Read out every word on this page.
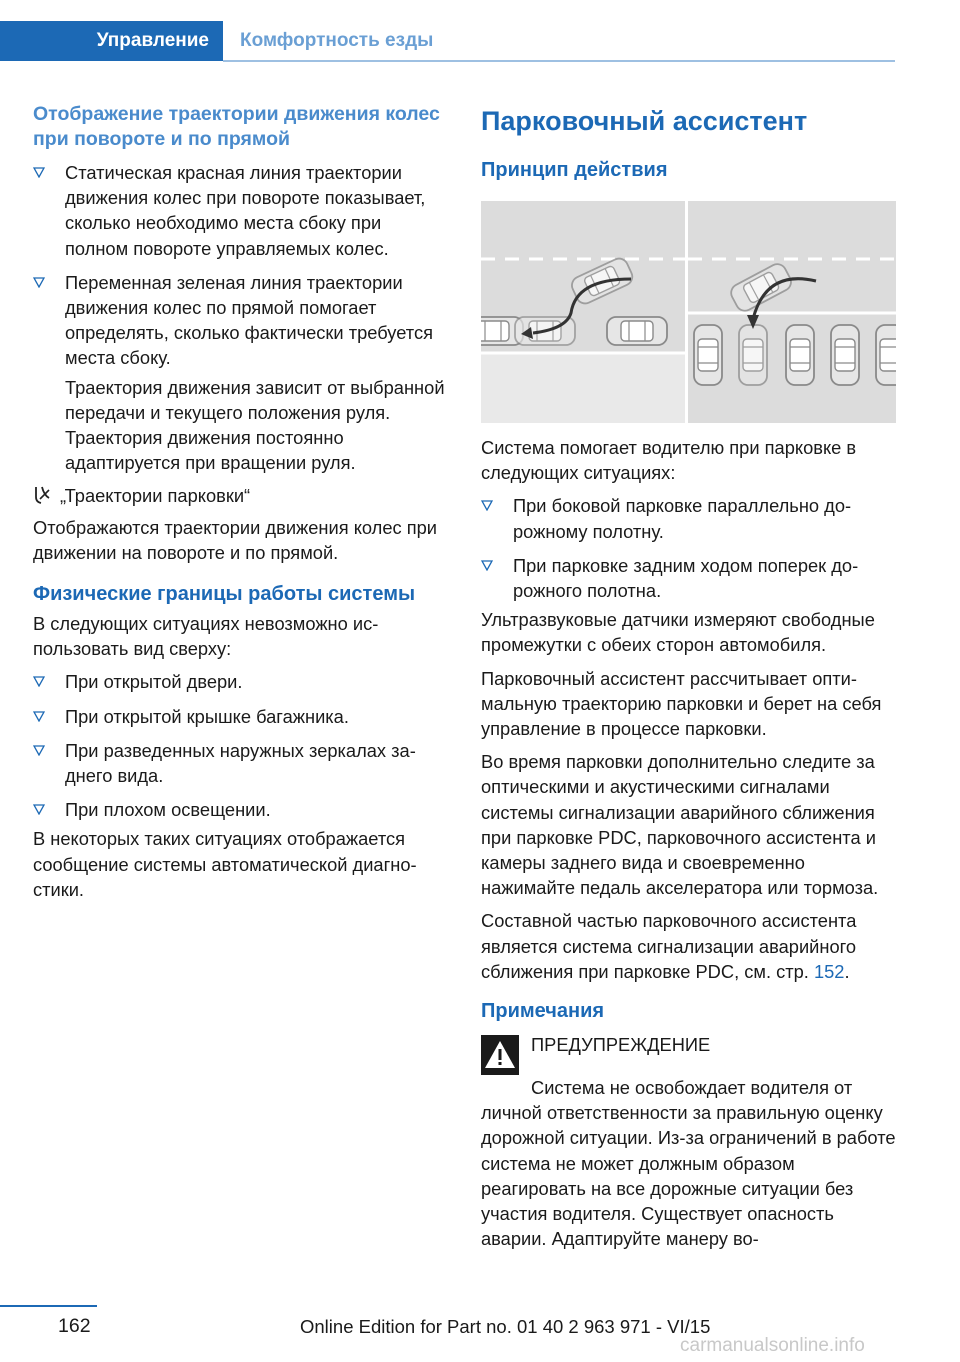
Управление	Комфортность езды
Отображение траектории движения колес при повороте и по прямой
Статическая красная линия траектории движения колес при повороте показывает, сколько необходимо места сбоку при полном повороте управляемых колес.
Переменная зеленая линия траектории движения колес по прямой помогает определять, сколько фактически требуется места сбоку.

Траектория движения зависит от выбранной передачи и текущего положения руля. Траектория движения постоянно адаптируется при вращении руля.

„Траектории парковки“

Отображаются траектории движения колес при движении на повороте и по прямой.

Физические границы работы системы

В следующих ситуациях невозможно использовать вид сверху:

При открытой двери.
При открытой крышке багажника.
При разведенных наружных зеркалах заднего вида.
При плохом освещении.

В некоторых таких ситуациях отображается сообщение системы автоматической диагностики.

Парковочный ассистент
Принцип действия

Система помогает водителю при парковке в следующих ситуациях:

При боковой парковке параллельно дорожному полотну.
При парковке задним ходом поперек дорожного полотна.

Ультразвуковые датчики измеряют свободные промежутки с обеих сторон автомобиля.

Парковочный ассистент рассчитывает оптимальную траекторию парковки и берет на себя управление в процессе парковки.

Во время парковки дополнительно следите за оптическими и акустическими сигналами системы сигнализации аварийного сближения при парковке PDC, парковочного ассистента и камеры заднего вида и своевременно нажимайте педаль акселератора или тормоза.

Составной частью парковочного ассистента является система сигнализации аварийного сближения при парковке PDC, см. стр. 152.

Примечания
ПРЕДУПРЕЖДЕНИЕ
Система не освобождает водителя от личной ответственности за правильную оценку дорожной ситуации. Из-за ограничений в работе система не может должным образом реагировать на все дорожные ситуации без участия водителя. Существует опасность аварии. Адаптируйте манеру во-
162	Online Edition for Part no. 01 40 2 963 971 - VI/15
carmanualsonline.info
